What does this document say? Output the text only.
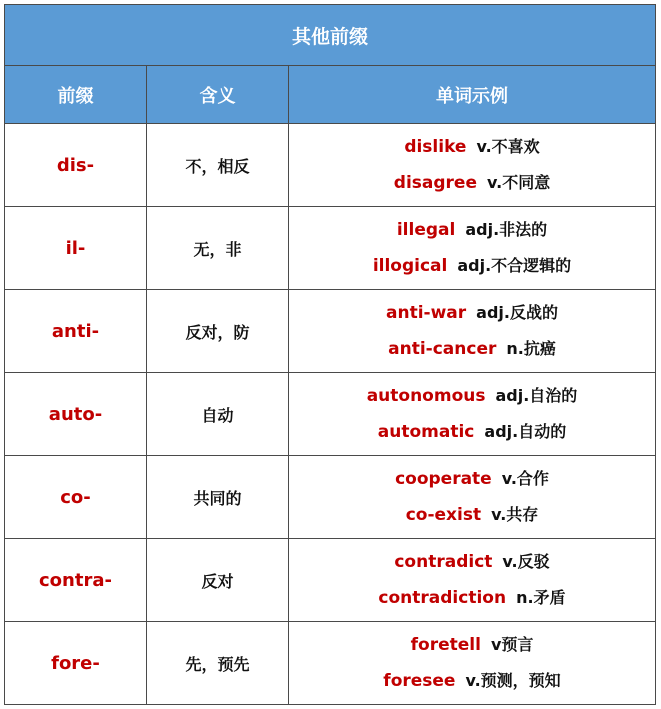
其他前缀		
前缀	含义	单词示例
dis-	不，相反	dislike v.不喜欢
disagree v.不同意

il-	无，非	illegal adj.非法的
illogical adj.不合逻辑的

anti-	反对，防	anti-war adj.反战的
anti-cancer n.抗癌

auto-	自动	autonomous adj.自治的
automatic adj.自动的

co-	共同的	cooperate v.合作
co-exist v.共存

contra-	反对	contradict v.反驳
contradiction n.矛盾

fore-	先，预先	foretell v预言
foresee v.预测，预知
